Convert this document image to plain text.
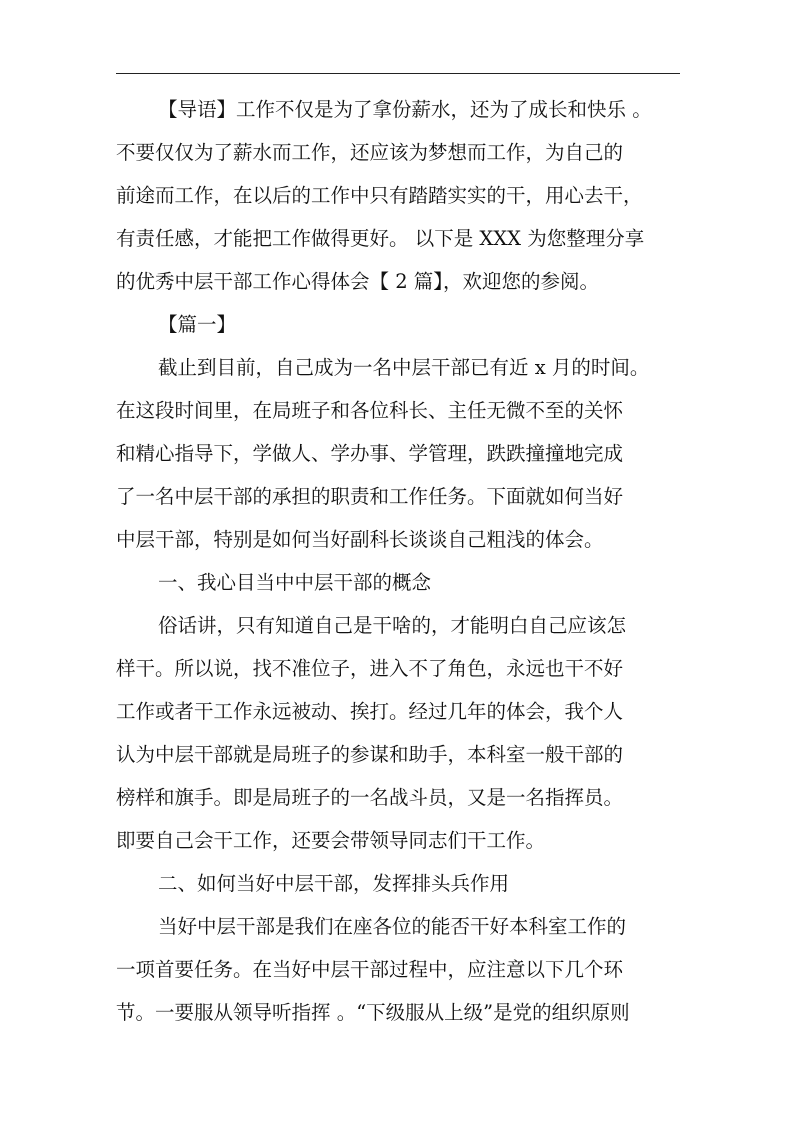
【导语】工作不仅是为了拿份薪水，还为了成长和快乐 。
不要仅仅为了薪水而工作，还应该为梦想而工作，为自己的
前途而工作，在以后的工作中只有踏踏实实的干，用心去干，
有责任感，才能把工作做得更好。 以下是 XXX 为您整理分享
的优秀中层干部工作心得体会【 2 篇】，欢迎您的参阅。
【篇一】
截止到目前，自己成为一名中层干部已有近 x 月的时间。
在这段时间里，在局班子和各位科长、主任无微不至的关怀
和精心指导下，学做人、学办事、学管理，跌跌撞撞地完成
了一名中层干部的承担的职责和工作任务。下面就如何当好
中层干部，特别是如何当好副科长谈谈自己粗浅的体会。
一、我心目当中中层干部的概念
俗话讲，只有知道自己是干啥的，才能明白自己应该怎
样干。所以说，找不准位子，进入不了角色，永远也干不好
工作或者干工作永远被动、挨打。经过几年的体会，我个人
认为中层干部就是局班子的参谋和助手，本科室一般干部的
榜样和旗手。即是局班子的一名战斗员，又是一名指挥员。
即要自己会干工作，还要会带领导同志们干工作。
二、如何当好中层干部，发挥排头兵作用
当好中层干部是我们在座各位的能否干好本科室工作的
一项首要任务。在当好中层干部过程中，应注意以下几个环
节。一要服从领导听指挥 。“下级服从上级”是党的组织原则
